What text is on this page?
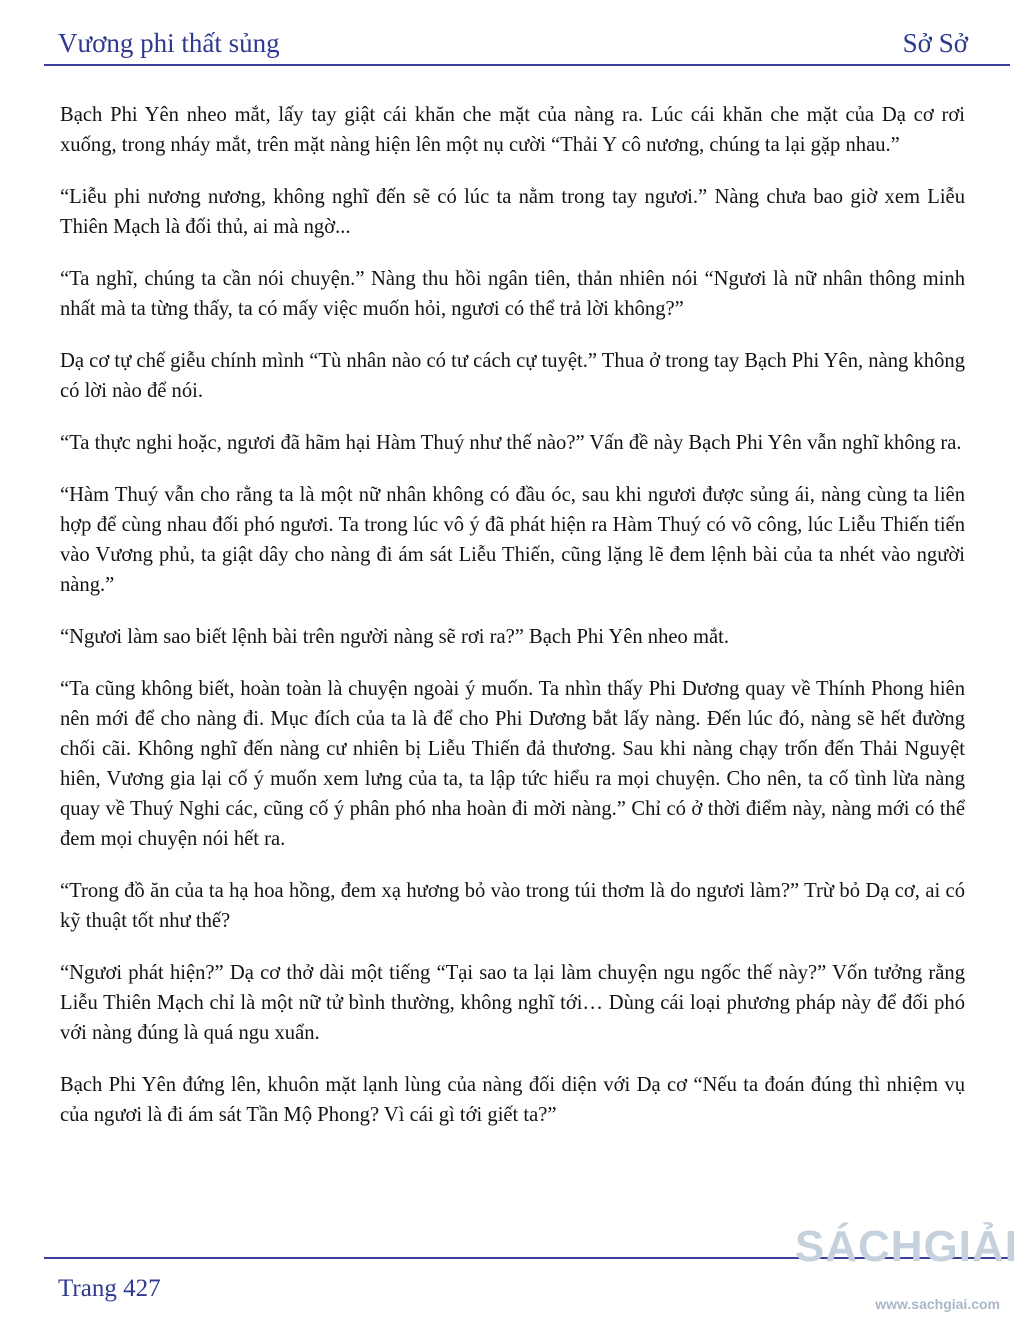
Vương phi thất sủng	Sở Sở

Bạch Phi Yên nheo mắt, lấy tay giật cái khăn che mặt của nàng ra. Lúc cái khăn che mặt của Dạ cơ rơi xuống, trong nháy mắt, trên mặt nàng hiện lên một nụ cười “Thải Y cô nương, chúng ta lại gặp nhau.”

“Liễu phi nương nương, không nghĩ đến sẽ có lúc ta nằm trong tay ngươi.” Nàng chưa bao giờ xem Liễu Thiên Mạch là đối thủ, ai mà ngờ...

“Ta nghĩ, chúng ta cần nói chuyện.” Nàng thu hồi ngân tiên, thản nhiên nói “Ngươi là nữ nhân thông minh nhất mà ta từng thấy, ta có mấy việc muốn hỏi, ngươi có thể trả lời không?”

Dạ cơ tự chế giễu chính mình “Tù nhân nào có tư cách cự tuyệt.” Thua ở trong tay Bạch Phi Yên, nàng không có lời nào để nói.

“Ta thực nghi hoặc, ngươi đã hãm hại Hàm Thuý như thế nào?” Vấn đề này Bạch Phi Yên vẫn nghĩ không ra.

“Hàm Thuý vẫn cho rằng ta là một nữ nhân không có đầu óc, sau khi ngươi được sủng ái, nàng cùng ta liên hợp để cùng nhau đối phó ngươi. Ta trong lúc vô ý đã phát hiện ra Hàm Thuý có võ công, lúc Liễu Thiến tiến vào Vương phủ, ta giật dây cho nàng đi ám sát Liễu Thiến, cũng lặng lẽ đem lệnh bài của ta nhét vào người nàng.”

“Ngươi làm sao biết lệnh bài trên người nàng sẽ rơi ra?” Bạch Phi Yên nheo mắt.

“Ta cũng không biết, hoàn toàn là chuyện ngoài ý muốn. Ta nhìn thấy Phi Dương quay về Thính Phong hiên nên mới để cho nàng đi. Mục đích của ta là để cho Phi Dương bắt lấy nàng. Đến lúc đó, nàng sẽ hết đường chối cãi. Không nghĩ đến nàng cư nhiên bị Liễu Thiến đả thương. Sau khi nàng chạy trốn đến Thải Nguyệt hiên, Vương gia lại cố ý muốn xem lưng của ta, ta lập tức hiểu ra mọi chuyện. Cho nên, ta cố tình lừa nàng quay về Thuý Nghi các, cũng cố ý phân phó nha hoàn đi mời nàng.” Chỉ có ở thời điểm này, nàng mới có thể đem mọi chuyện nói hết ra.

“Trong đồ ăn của ta hạ hoa hồng, đem xạ hương bỏ vào trong túi thơm là do ngươi làm?” Trừ bỏ Dạ cơ, ai có kỹ thuật tốt như thế?

“Ngươi phát hiện?” Dạ cơ thở dài một tiếng “Tại sao ta lại làm chuyện ngu ngốc thế này?” Vốn tưởng rằng Liễu Thiên Mạch chỉ là một nữ tử bình thường, không nghĩ tới… Dùng cái loại phương pháp này để đối phó với nàng đúng là quá ngu xuẩn.

Bạch Phi Yên đứng lên, khuôn mặt lạnh lùng của nàng đối diện với Dạ cơ “Nếu ta đoán đúng thì nhiệm vụ của ngươi là đi ám sát Tần Mộ Phong? Vì cái gì tới giết ta?”

Trang 427
SÁCHGIẢI
www.sachgiai.com
